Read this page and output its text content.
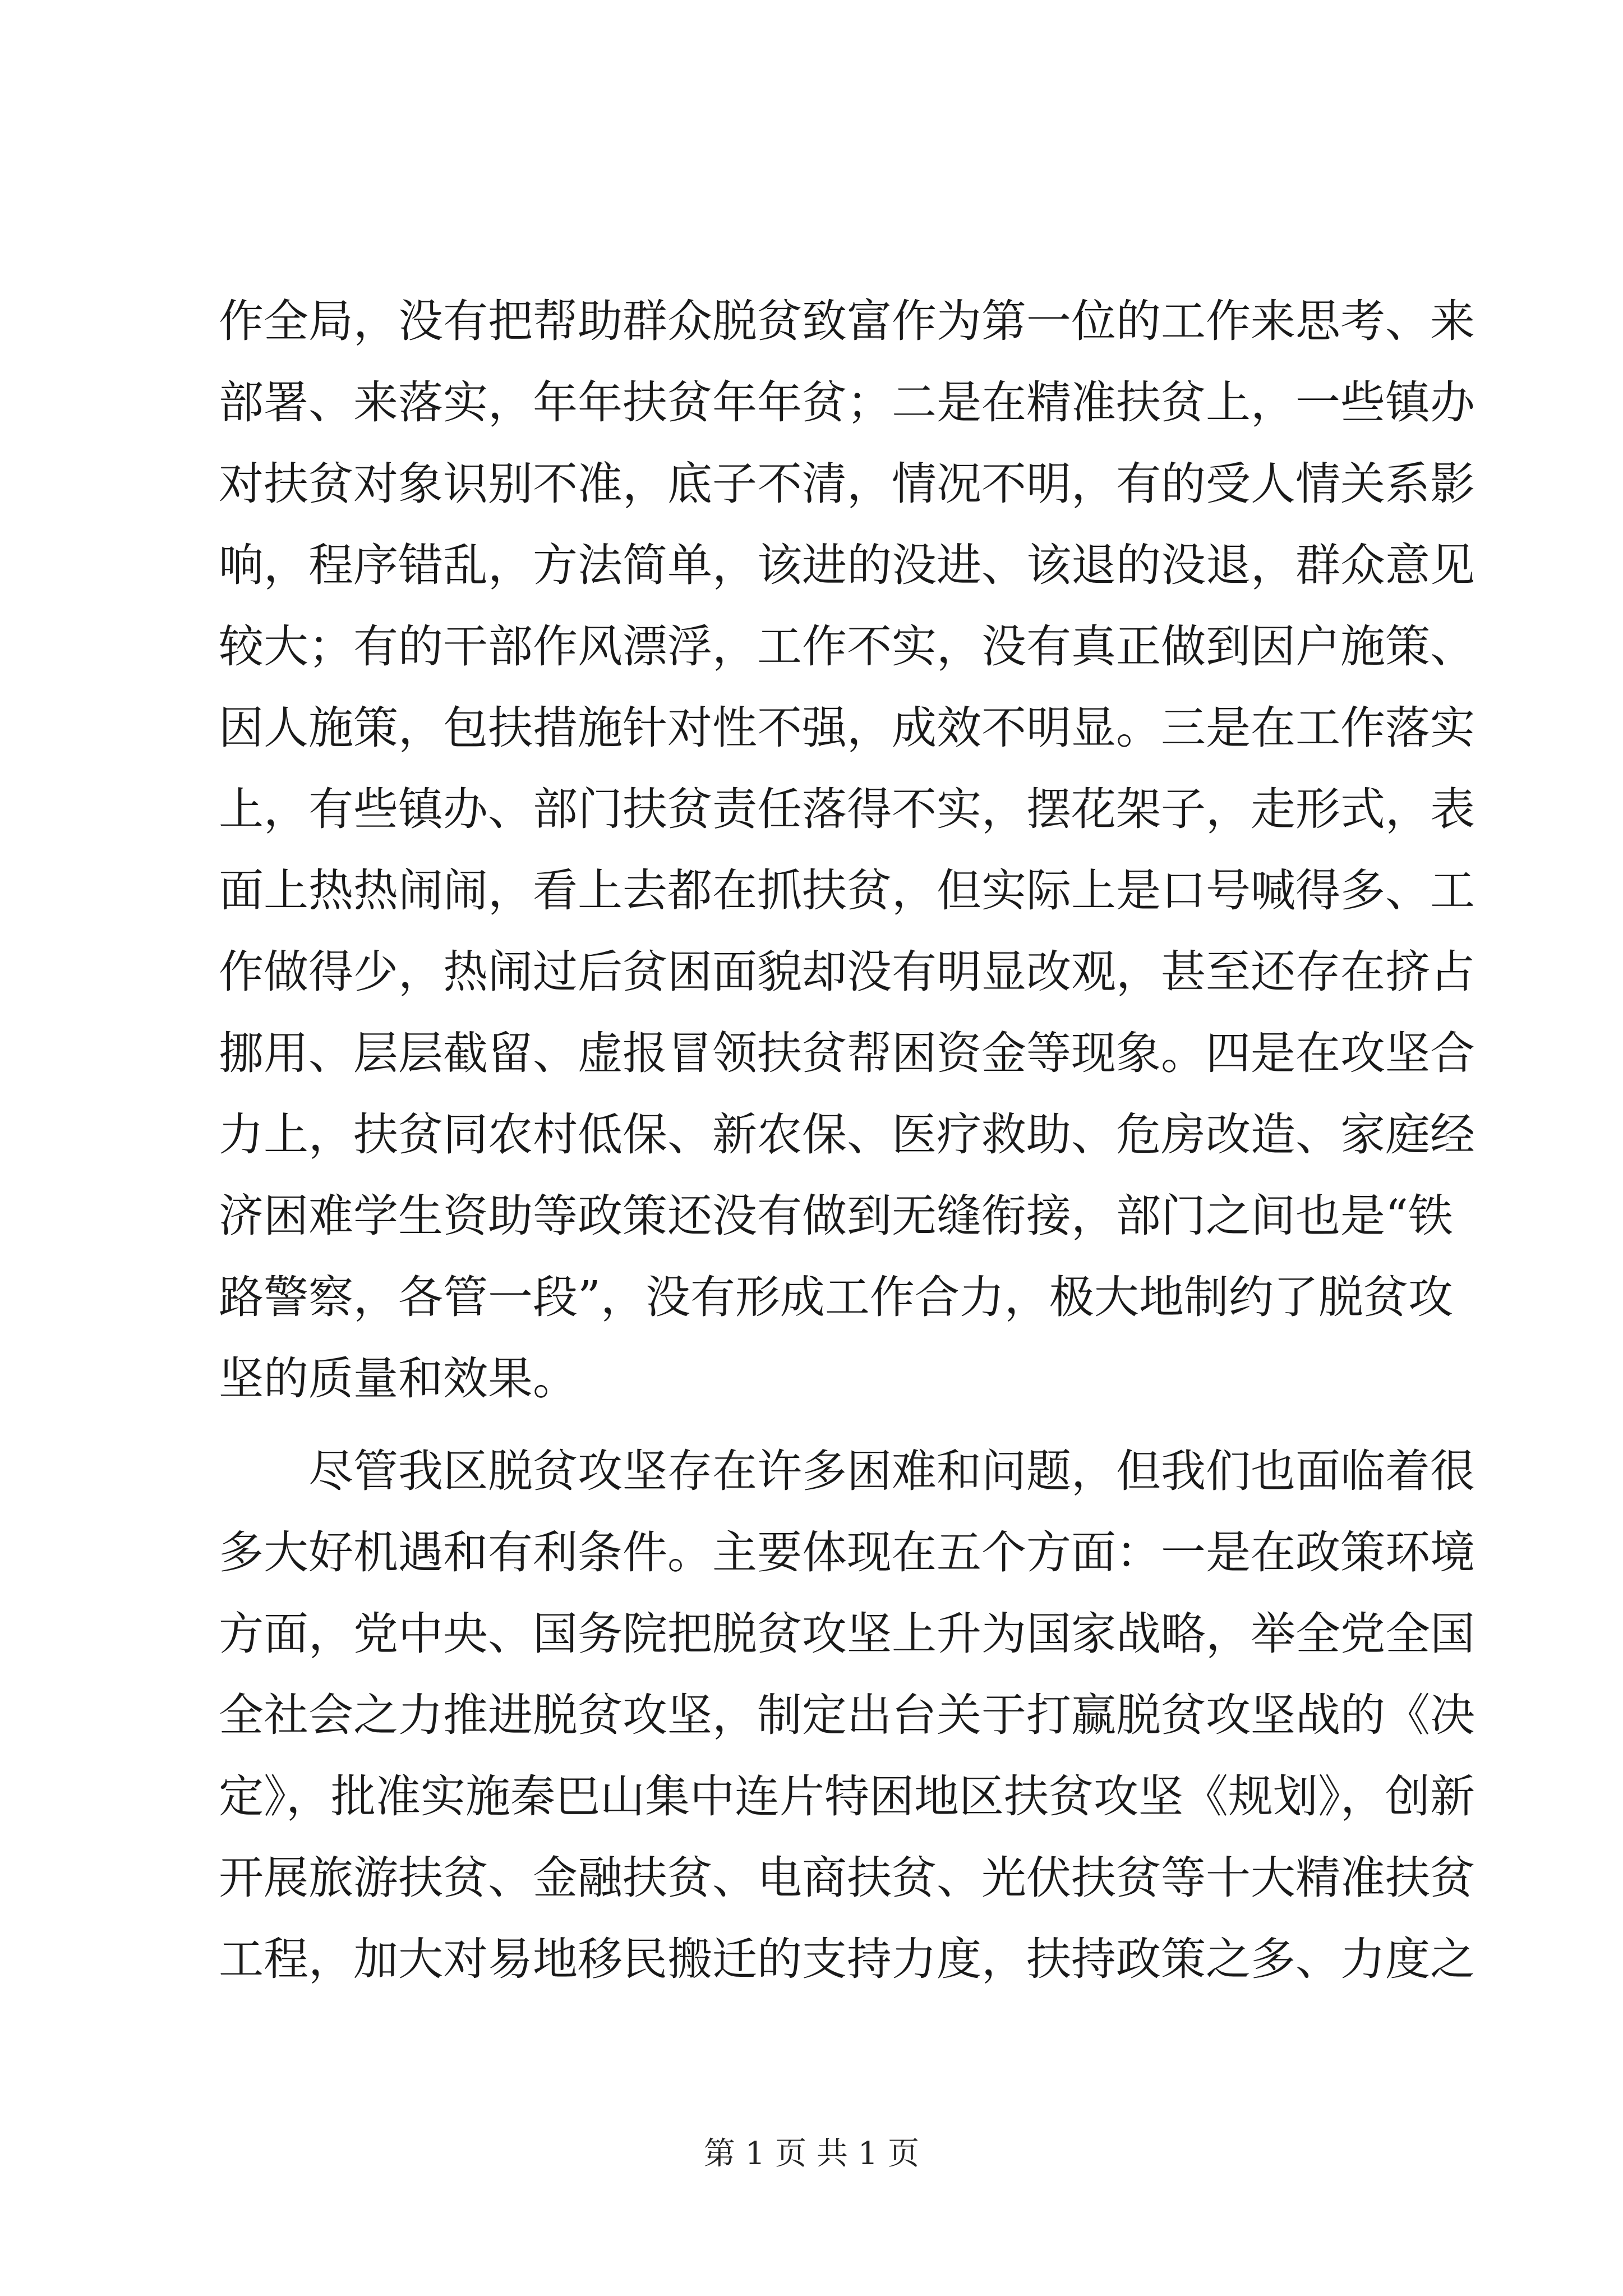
作全局，没有把帮助群众脱贫致富作为第一位的工作来思考、来
部署、来落实，年年扶贫年年贫；二是在精准扶贫上，一些镇办
对扶贫对象识别不准，底子不清，情况不明，有的受人情关系影
响，程序错乱，方法简单，该进的没进、该退的没退，群众意见
较大；有的干部作风漂浮，工作不实，没有真正做到因户施策、
因人施策，包扶措施针对性不强，成效不明显。三是在工作落实
上，有些镇办、部门扶贫责任落得不实，摆花架子，走形式，表
面上热热闹闹，看上去都在抓扶贫，但实际上是口号喊得多、工
作做得少，热闹过后贫困面貌却没有明显改观，甚至还存在挤占
挪用、层层截留、虚报冒领扶贫帮困资金等现象。四是在攻坚合
力上，扶贫同农村低保、新农保、医疗救助、危房改造、家庭经
济困难学生资助等政策还没有做到无缝衔接，部门之间也是“铁
路警察，各管一段”，没有形成工作合力，极大地制约了脱贫攻
坚的质量和效果。
尽管我区脱贫攻坚存在许多困难和问题，但我们也面临着很
多大好机遇和有利条件。主要体现在五个方面：一是在政策环境
方面，党中央、国务院把脱贫攻坚上升为国家战略，举全党全国
全社会之力推进脱贫攻坚，制定出台关于打赢脱贫攻坚战的《决
定》，批准实施秦巴山集中连片特困地区扶贫攻坚《规划》，创新
开展旅游扶贫、金融扶贫、电商扶贫、光伏扶贫等十大精准扶贫
工程，加大对易地移民搬迁的支持力度，扶持政策之多、力度之
第 1 页 共 1 页
